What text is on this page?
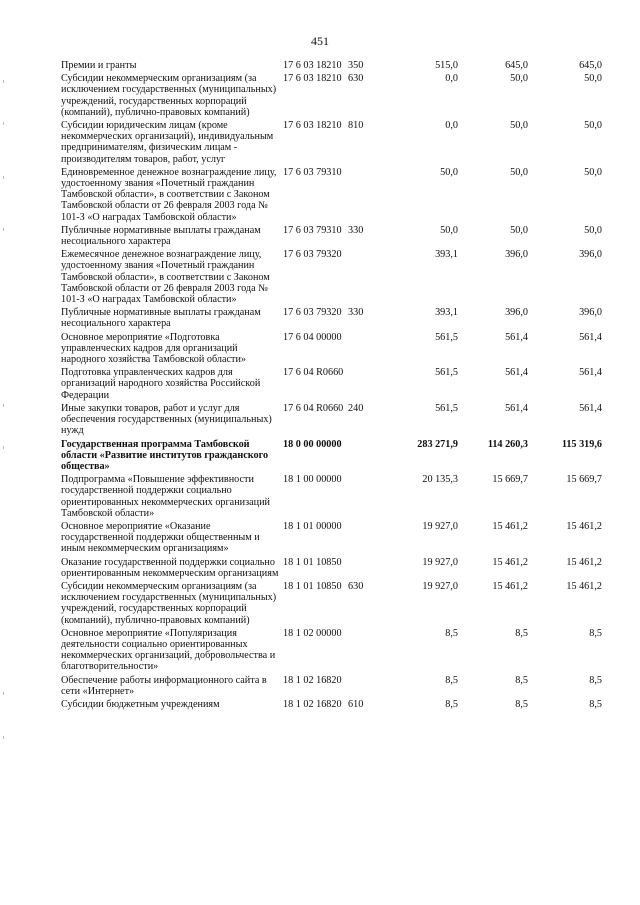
451
Премии и гранты	17 6 03 18210	350	515,0	645,0	645,0
Субсидии некоммерческим организациям (за исключением государственных (муниципальных) учреждений, государственных корпораций (компаний), публично-правовых компаний)	17 6 03 18210	630	0,0	50,0	50,0
Субсидии юридическим лицам (кроме некоммерческих организаций), индивидуальным предпринимателям, физическим лицам - производителям товаров, работ, услуг	17 6 03 18210	810	0,0	50,0	50,0
Единовременное денежное вознаграждение лицу, удостоенному звания «Почетный гражданин Тамбовской области», в соответствии с Законом Тамбовской области от 26 февраля 2003 года № 101-З «О наградах Тамбовской области»	17 6 03 79310		50,0	50,0	50,0
Публичные нормативные выплаты гражданам несоциального характера	17 6 03 79310	330	50,0	50,0	50,0
Ежемесячное денежное вознаграждение лицу, удостоенному звания «Почетный гражданин Тамбовской области», в соответствии с Законом Тамбовской области от 26 февраля 2003 года № 101-З «О наградах Тамбовской области»	17 6 03 79320		393,1	396,0	396,0
Публичные нормативные выплаты гражданам несоциального характера	17 6 03 79320	330	393,1	396,0	396,0
Основное мероприятие «Подготовка управленческих кадров для организаций народного хозяйства Тамбовской области»	17 6 04 00000		561,5	561,4	561,4
Подготовка управленческих кадров для организаций народного хозяйства Российской Федерации	17 6 04 R0660		561,5	561,4	561,4
Иные закупки товаров, работ и услуг для обеспечения государственных (муниципальных) нужд	17 6 04 R0660	240	561,5	561,4	561,4
Государственная программа Тамбовской области «Развитие институтов гражданского общества»	18 0 00 00000		283 271,9	114 260,3	115 319,6
Подпрограмма «Повышение эффективности государственной поддержки социально ориентированных некоммерческих организаций Тамбовской области»	18 1 00 00000		20 135,3	15 669,7	15 669,7
Основное мероприятие «Оказание государственной поддержки общественным и иным некоммерческим организациям»	18 1 01 00000		19 927,0	15 461,2	15 461,2
Оказание государственной поддержки социально ориентированным некоммерческим организациям	18 1 01 10850		19 927,0	15 461,2	15 461,2
Субсидии некоммерческим организациям (за исключением государственных (муниципальных) учреждений, государственных корпораций (компаний), публично-правовых компаний)	18 1 01 10850	630	19 927,0	15 461,2	15 461,2
Основное мероприятие «Популяризация деятельности социально ориентированных некоммерческих организаций, добровольчества и благотворительности»	18 1 02 00000		8,5	8,5	8,5
Обеспечение работы информационного сайта в сети «Интернет»	18 1 02 16820		8,5	8,5	8,5
Субсидии бюджетным учреждениям	18 1 02 16820	610	8,5	8,5	8,5
